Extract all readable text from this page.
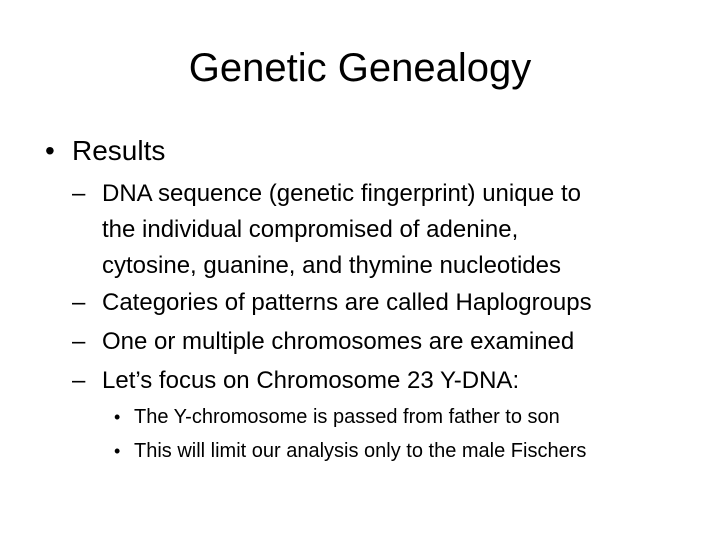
Genetic Genealogy
• Results
– DNA sequence (genetic fingerprint) unique to
the individual compromised of adenine,
cytosine, guanine, and thymine nucleotides
– Categories of patterns are called Haplogroups
– One or multiple chromosomes are examined
– Let’s focus on Chromosome 23 Y-DNA:
• The Y-chromosome is passed from father to son
• This will limit our analysis only to the male Fischers
